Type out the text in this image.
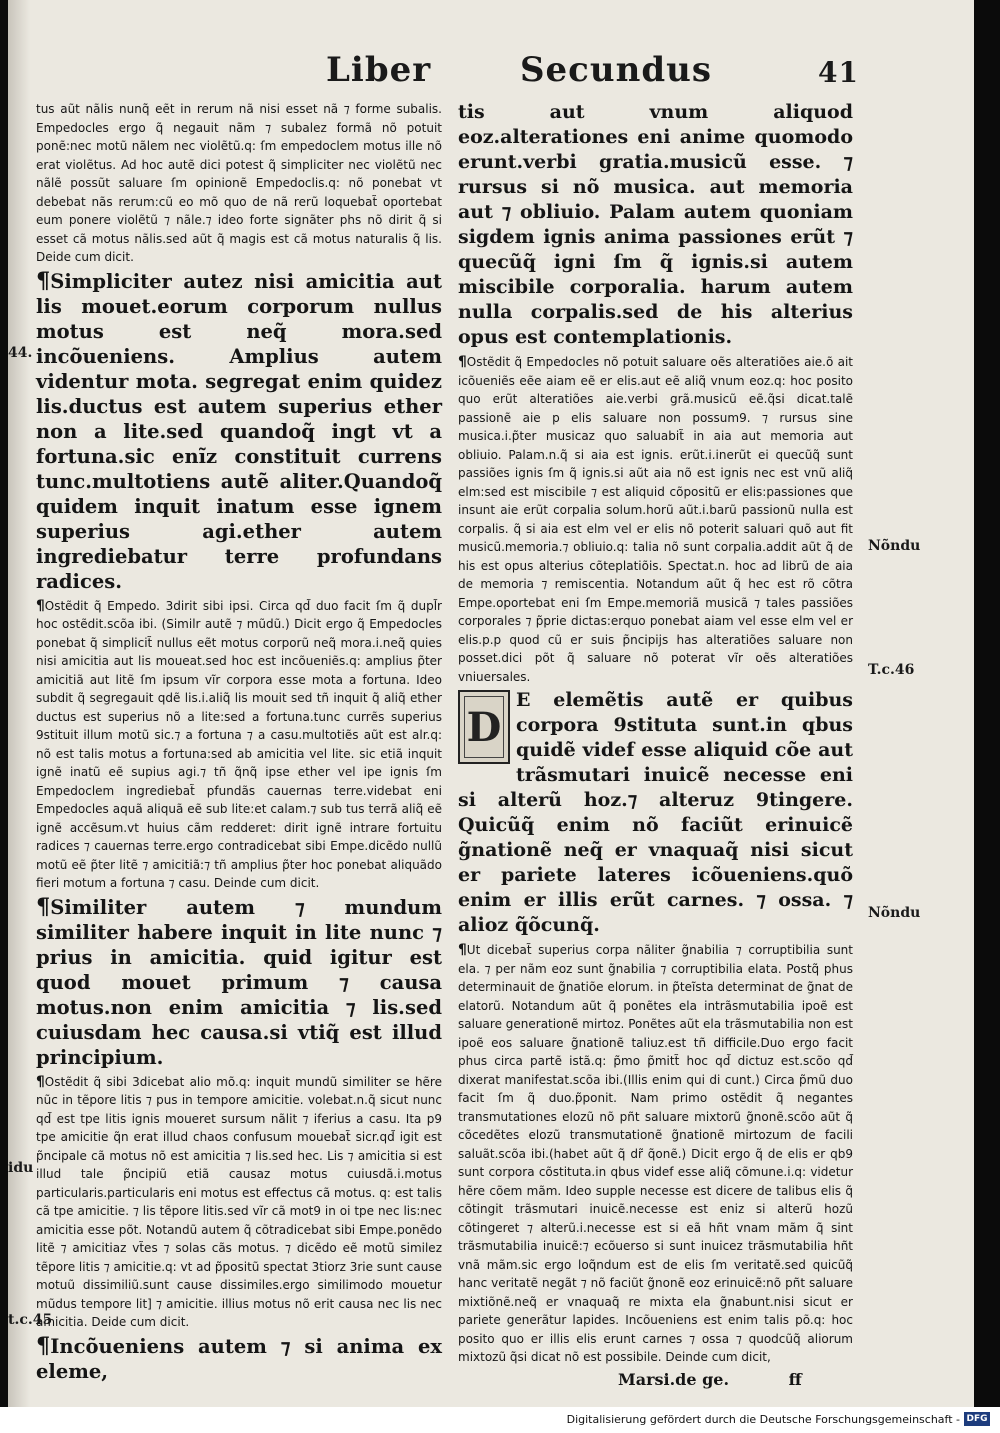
Liber	Secundus	41
44.
idu
t.c.45
Nõndu
T.c.46
Nõndu

tus aũt nãlis nunq̃ eẽt in rerum nã nisi esset nã ⁊ forme subalis. Empedocles ergo q̃ negauit nãm ⁊ subalez formã nõ potuit ponẽ:nec motũ nãlem nec violẽtũ.q: ſm empedoclem motus ille nõ erat violẽtus. Ad hoc autẽ dici potest q̃ simpliciter nec violẽtũ nec nãlẽ possũt saluare ſm opinionẽ Empedoclis.q: nõ ponebat vt debebat nãs rerum:cũ eo mõ quo de nã rerũ loquebat̃ oportebat eum ponere violẽtũ ⁊ nãle.⁊ ideo forte signãter phs nõ dirit q̃ si esset cã motus nãlis.sed aũt q̃ magis est cã motus naturalis q̃ lis. Deide cum dicit.

¶Simpliciter autez nisi amicitia aut lis mouet.eorum corporum nullus motus est neq̃ mora.sed incõueniens. Amplius autem videntur mota. segregat enim quidez lis.ductus est autem superius ether non a lite.sed quandoq̃ ingt vt a fortuna.sic enĩz constituit currens tunc.multotiens autẽ aliter.Quandoq̃ quidem inquit inatum esse ignem superius agi.ether autem ingrediebatur terre profundans radices.

¶Ostẽdit q̃ Empedo. 3dirit sibi ipsi. Circa qd̃ duo facit ſm q̃ dupl̃r hoc ostẽdit.scõa ibi. (Similr autẽ ⁊ mũdũ.) Dicit ergo q̃ Empedocles ponebat q̃ simplicit̃ nullus eẽt motus corporũ neq̃ mora.i.neq̃ quies nisi amicitia aut lis moueat.sed hoc est incõueniẽs.q: amplius p̃ter amicitiã aut litẽ ſm ipsum vĩr corpora esse mota a fortuna. Ideo subdit q̃ segregauit qdẽ lis.i.aliq̃ lis mouit sed tñ inquit q̃ aliq̃ ether ductus est superius nõ a lite:sed a fortuna.tunc currẽs superius 9stituit illum motũ sic.⁊ a fortuna ⁊ a casu.multotiẽs aũt est alr.q: nõ est talis motus a fortuna:sed ab amicitia vel lite. sic etiã inquit ignẽ inatũ eẽ supius agi.⁊ tñ q̃nq̃ ipse ether vel ipe ignis ſm Empedoclem ingrediebat̃ pfundãs cauernas terre.videbat eni Empedocles aquã aliquã eẽ sub lite:et calam.⁊ sub tus terrã aliq̃ eẽ ignẽ accẽsum.vt huius cãm redderet: dirit ignẽ intrare fortuitu radices ⁊ cauernas terre.ergo contradicebat sibi Empe.dicẽdo nullũ motũ eẽ p̃ter litẽ ⁊ amicitiã:⁊ tñ amplius p̃ter hoc ponebat aliquãdo fieri motum a fortuna ⁊ casu. Deinde cum dicit.

¶Similiter autem ⁊ mundum similiter habere inquit in lite nunc ⁊ prius in amicitia. quid igitur est quod mouet primum ⁊ causa motus.non enim amicitia ⁊ lis.sed cuiusdam hec causa.si vtiq̃ est illud principium.

¶Ostẽdit q̃ sibi 3dicebat alio mõ.q: inquit mundũ similiter se hẽre nũc in tẽpore litis ⁊ pus in tempore amicitie. volebat.n.q̃ sicut nunc qd̃ est tpe litis ignis moueret sursum nãlit ⁊ iferius a casu. Ita p9 tpe amicitie q̃n erat illud chaos confusum mouebat̃ sicr.qd̃ igit est p̃ncipale cã motus nõ est amicitia ⁊ lis.sed hec. Lis ⁊ amicitia si est illud tale p̃ncipiũ etiã causaz motus cuiusdã.i.motus particularis.particularis eni motus est effectus cã motus. q: est talis cã tpe amicitie. ⁊ lis tẽpore litis.sed vĩr cã mot9 in oi tpe nec lis:nec amicitia esse põt. Notandũ autem q̃ cõtradicebat sibi Empe.ponẽdo litẽ ⁊ amicitiaz vt̃es ⁊ solas cãs motus. ⁊ dicẽdo eẽ motũ similez tẽpore litis ⁊ amicitie.q: vt ad p̃positũ spectat 3tiorz 3rie sunt cause motuũ dissimiliũ.sunt cause dissimiles.ergo similimodo mouetur mũdus tempore lit] ⁊ amicitie. illius motus nõ erit causa nec lis nec amicitia. Deide cum dicit.

¶Incõueniens autem ⁊ si anima ex eleme,

tis aut vnum aliquod eoz.alterationes eni anime quomodo erunt.verbi gratia.musicũ esse. ⁊ rursus si nõ musica. aut memoria aut ⁊ obliuio. Palam autem quoniam sigdem ignis anima passiones erũt ⁊ quecũq̃ igni ſm q̃ ignis.si autem miscibile corporalia. harum autem nulla corpalis.sed de his alterius opus est contemplationis.

¶Ostẽdit q̃ Empedocles nõ potuit saluare oẽs alteratiões aie.õ ait icõueniẽs eẽe aiam eẽ er elis.aut eẽ aliq̃ vnum eoz.q: hoc posito quo erũt alteratiões aie.verbi grã.musicũ eẽ.q̃si dicat.talẽ passionẽ aie p elis saluare non possum9. ⁊ rursus sine musica.i.p̃ter musicaz quo saluabit̃ in aia aut memoria aut obliuio. Palam.n.q̃ si aia est ignis. erũt.i.inerũt ei quecũq̃ sunt passiões ignis ſm q̃ ignis.si aũt aia nõ est ignis nec est vnũ aliq̃ elm:sed est miscibile ⁊ est aliquid cõpositũ er elis:passiones que insunt aie erũt corpalia solum.horũ aũt.i.barũ passionũ nulla est corpalis. q̃ si aia est elm vel er elis nõ poterit saluari quõ aut fit musicũ.memoria.⁊ obliuio.q: talia nõ sunt corpalia.addit aũt q̃ de his est opus alterius cõteplatiõis. Spectat.n. hoc ad librũ de aia de memoria ⁊ remiscentia. Notandum aũt q̃ hec est rõ cõtra Empe.oportebat eni ſm Empe.memoriã musicã ⁊ tales passiões corporales ⁊ p̃prie dictas:erquo ponebat aiam vel esse elm vel er elis.p.p quod cũ er suis p̃ncipijs has alteratiões saluare non posset.dici põt q̃ saluare nõ poterat vĩr oẽs alteratiões vniuersales.

D
E elemẽtis autẽ er quibus corpora 9stituta sunt.in qbus quidẽ videf esse aliquid cõe aut trãsmutari inuicẽ necesse eni si alterũ hoz.⁊ alteruz 9tingere. Quicũq̃ enim nõ faciũt erinuicẽ g̃nationẽ neq̃ er vnaquaq̃ nisi sicut er pariete lateres icõueniens.quõ enim er illis erũt carnes. ⁊ ossa. ⁊ alioz q̃õcunq̃.

¶Ut dicebat̃ superius corpa nãliter g̃nabilia ⁊ corruptibilia sunt ela. ⁊ per nãm eoz sunt g̃nabilia ⁊ corruptibilia elata. Postq̃ phus determinauit de g̃natiõe elorum. in p̃teĩsta determinat de g̃nat de elatorũ. Notandum aũt q̃ ponẽtes ela intrãsmutabilia ipoẽ est saluare generationẽ mirtoz. Ponẽtes aũt ela trãsmutabilia non est ipoẽ eos saluare g̃nationẽ taliuz.est tñ difficile.Duo ergo facit phus circa partẽ istã.q: p̃mo p̃mitt̃ hoc qd̃ dictuz est.scõo qd̃ dixerat manifestat.scõa ibi.(Illis enim qui di cunt.) Circa p̃mũ duo facit ſm q̃ duo.p̃ponit. Nam primo ostẽdit q̃ negantes transmutationes elozũ nõ pñt saluare mixtorũ g̃nonẽ.scõo aũt q̃ cõcedẽtes elozũ transmutationẽ g̃nationẽ mirtozum de facili saluãt.scõa ibi.(habet aũt q̃ dr̃ q̃onẽ.) Dicit ergo q̃ de elis er qb9 sunt corpora cõstituta.in qbus videf esse aliq̃ cõmune.i.q: videtur hẽre cõem mãm. Ideo supple necesse est dicere de talibus elis q̃ cõtingit trãsmutari inuicẽ.necesse est eniz si alterũ hozũ cõtingeret ⁊ alterũ.i.necesse est si eã hñt vnam mãm q̃ sint trãsmutabilia inuicẽ:⁊ ecõuerso si sunt inuicez trãsmutabilia hñt vnã mãm.sic ergo loq̃ndum est de elis ſm veritatẽ.sed quicũq̃ hanc veritatẽ negãt ⁊ nõ faciũt g̃nonẽ eoz erinuicẽ:nõ pñt saluare mixtiõnẽ.neq̃ er vnaquaq̃ re mixta ela g̃nabunt.nisi sicut er pariete generãtur lapides. Incõueniens est enim talis põ.q: hoc posito quo er illis elis erunt carnes ⁊ ossa ⁊ quodcũq̃ aliorum mixtozũ q̃si dicat nõ est possibile. Deinde cum dicit,

Marsi.de ge.	ff
Digitalisierung gefördert durch die Deutsche Forschungsgemeinschaft - DFG
